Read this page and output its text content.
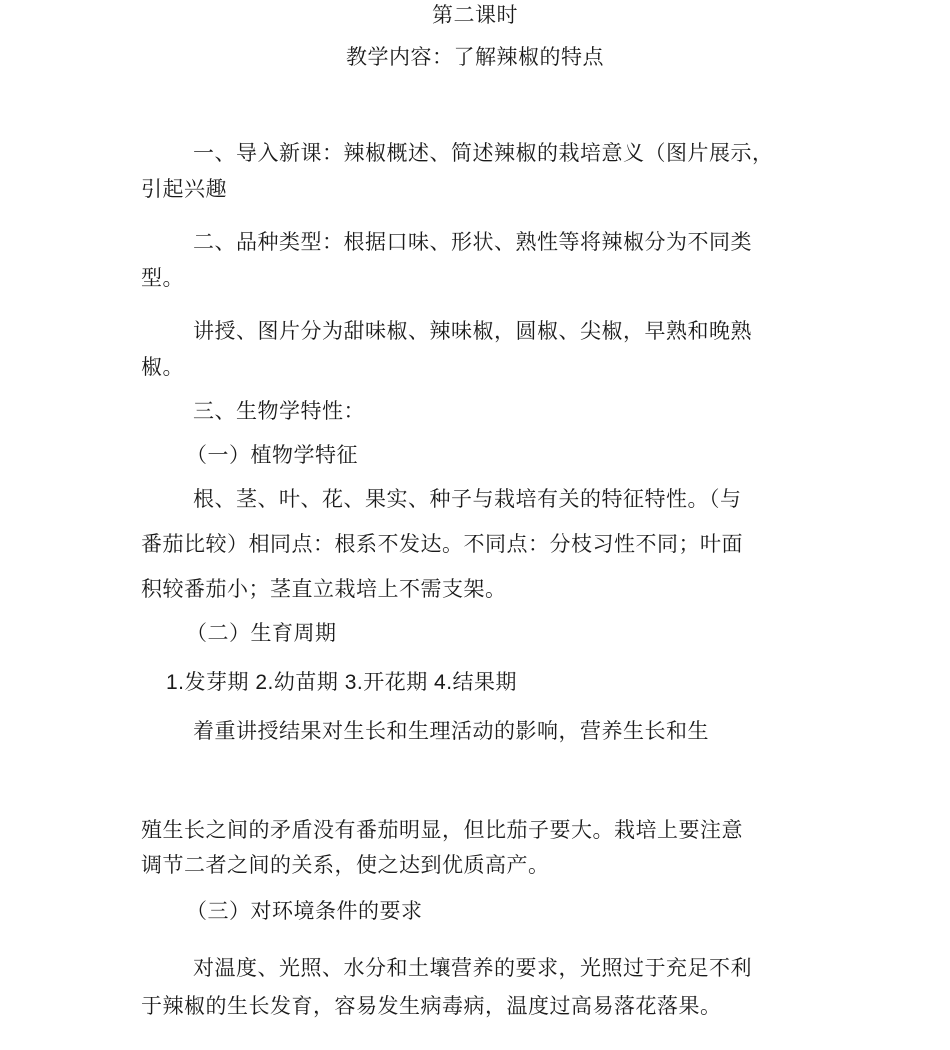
第二课时
教学内容：了解辣椒的特点
一、导入新课：辣椒概述、简述辣椒的栽培意义（图片展示，
引起兴趣
二、品种类型：根据口味、形状、熟性等将辣椒分为不同类
型。
讲授、图片分为甜味椒、辣味椒，圆椒、尖椒，早熟和晚熟
椒。
三、生物学特性：
（一）植物学特征
根、茎、叶、花、果实、种子与栽培有关的特征特性。（与
番茄比较）相同点：根系不发达。不同点：分枝习性不同；叶面
积较番茄小；茎直立栽培上不需支架。
（二）生育周期
1.发芽期 2.幼苗期 3.开花期 4.结果期
着重讲授结果对生长和生理活动的影响，营养生长和生
殖生长之间的矛盾没有番茄明显，但比茄子要大。栽培上要注意
调节二者之间的关系，使之达到优质高产。
（三）对环境条件的要求
对温度、光照、水分和土壤营养的要求，光照过于充足不利
于辣椒的生长发育，容易发生病毒病，温度过高易落花落果。
